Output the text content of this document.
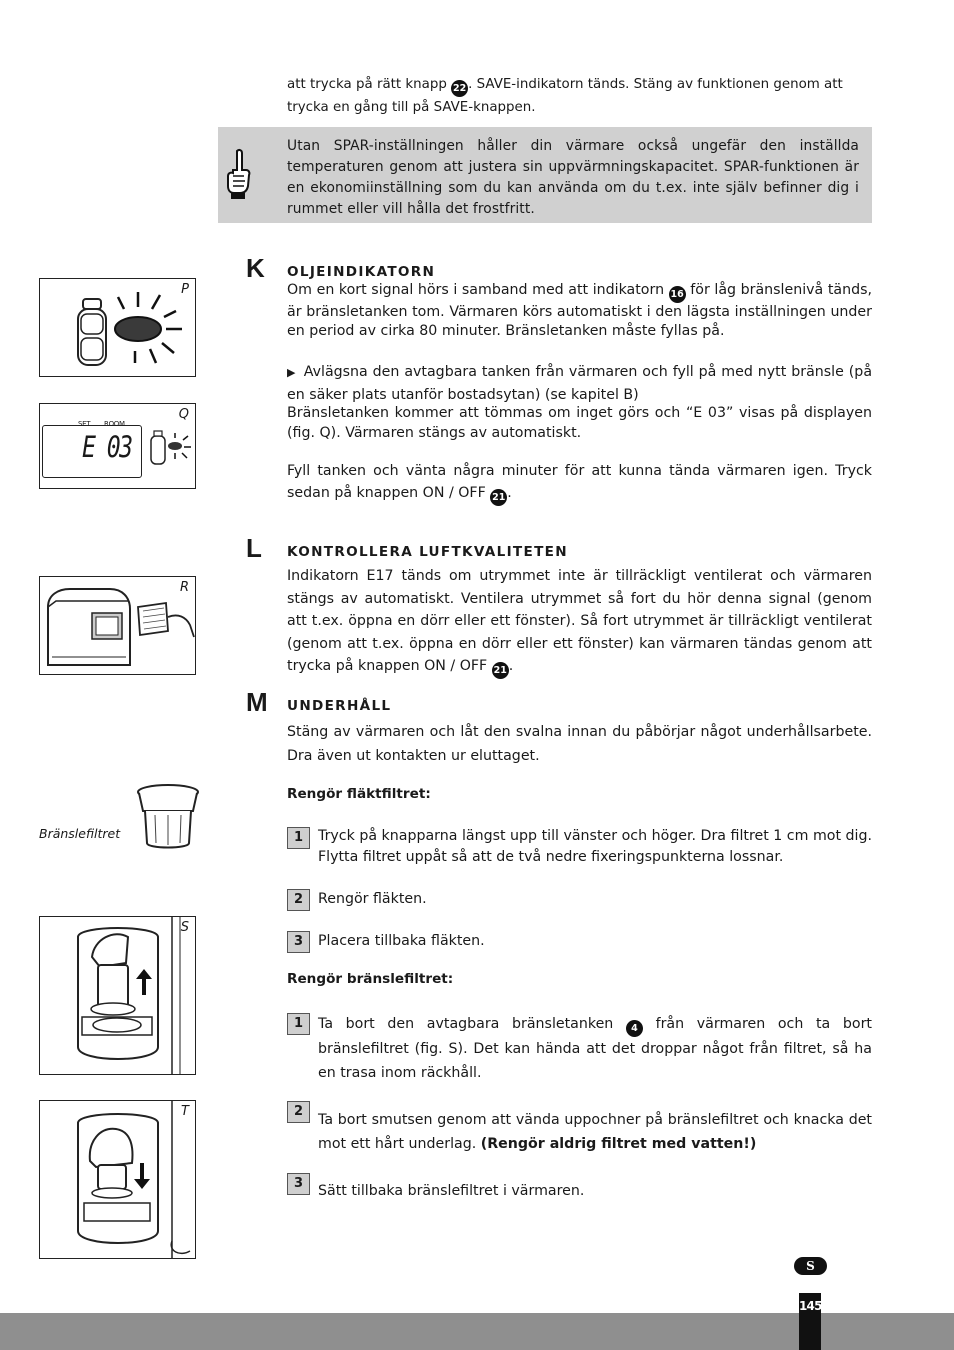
att trycka på rätt knapp 22 . SAVE-indikatorn tänds. Stäng av funktionen genom att trycka en gång till på SAVE-knappen.
Utan SPAR-inställningen håller din värmare också ungefär den inställda temperaturen genom att justera sin uppvärmningskapacitet. SPAR-funktionen är en ekonomiinställning som du kan använda om du t.ex. inte själv befinner dig i rummet eller vill hålla det frostfritt.
K OLJEINDIKATORN
Om en kort signal hörs i samband med att indikatorn 16 för låg bränslenivå tänds, är bränsletanken tom. Värmaren körs automatiskt i den lägsta inställningen under en period av cirka 80 minuter. Bränsletanken måste fyllas på.
▶  Avlägsna den avtagbara tanken från värmaren och fyll på med nytt bränsle (på en säker plats utanför bostadsytan) (se kapitel B)
Bränsletanken kommer att tömmas om inget görs och “E 03” visas på displayen (fig. Q). Värmaren stängs av automatiskt.
Fyll tanken och vänta några minuter för att kunna tända värmaren igen. Tryck sedan på knappen ON / OFF 21 .
L KONTROLLERA LUFTKVALITETEN
Indikatorn E17 tänds om utrymmet inte är tillräckligt ventilerat och värmaren stängs av automatiskt. Ventilera utrymmet så fort du hör denna signal (genom att t.ex. öppna en dörr eller ett fönster). Så fort utrymmet är tillräckligt ventilerat (genom att t.ex. öppna en dörr eller ett fönster) kan värmaren tändas genom att trycka på knappen ON / OFF 21 .
M UNDERHÅLL
Stäng av värmaren och låt den svalna innan du påbörjar något underhållsarbete. Dra även ut kontakten ur eluttaget.
Rengör fläktfiltret:
1	Tryck på knapparna längst upp till vänster och höger. Dra filtret 1 cm mot dig. Flytta filtret uppåt så att de två nedre fixeringspunkterna lossnar.
2	Rengör fläkten.
3	Placera tillbaka fläkten.
Rengör bränslefiltret:
1	Ta bort den avtagbara bränsletanken 4 från värmaren och ta bort bränslefiltret (fig. S). Det kan hända att det droppar något från filtret, så ha en trasa inom räckhåll.
2
Ta bort smutsen genom att vända uppochner på bränslefiltret och knacka det mot ett hårt underlag. (Rengör aldrig filtret med vatten!)
3	Sätt tillbaka bränslefiltret i värmaren.
P
Q
SET ROOM
E 03
R
Bränslefiltret
S
T
S
145
